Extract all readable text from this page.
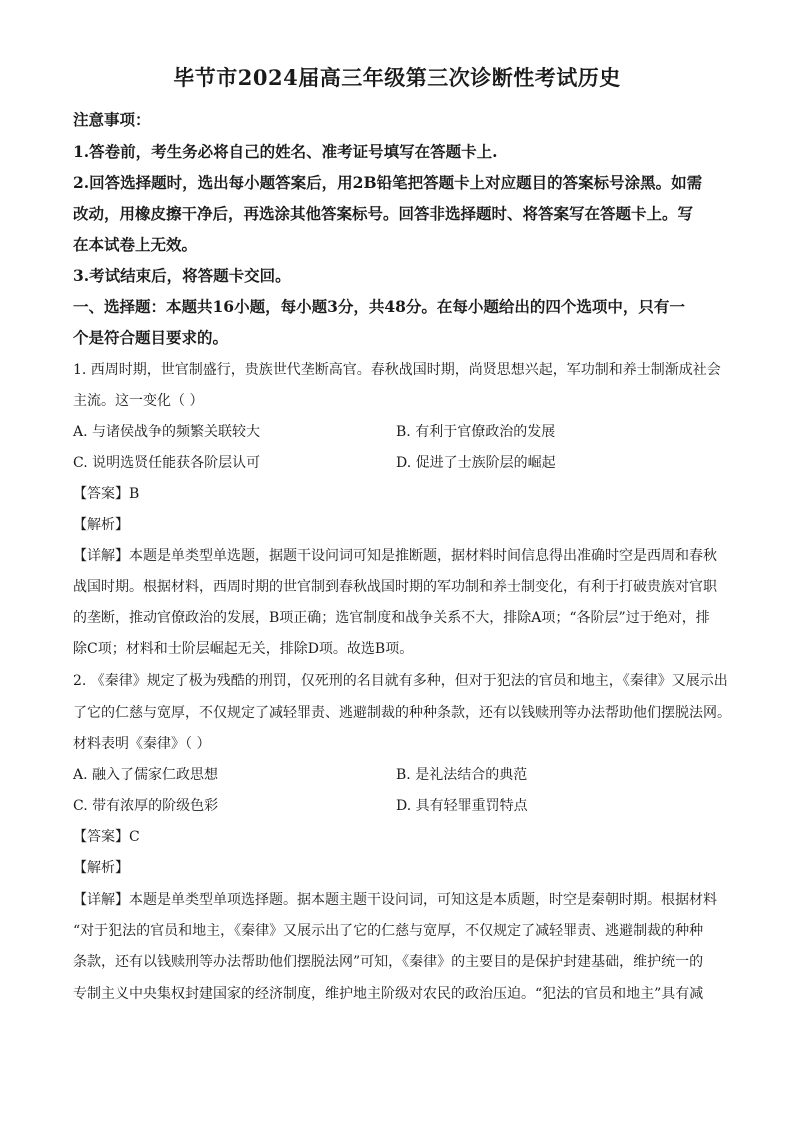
毕节市2024届高三年级第三次诊断性考试历史
注意事项：
1.答卷前，考生务必将自己的姓名、准考证号填写在答题卡上.
2.回答选择题时，选出每小题答案后，用2B铅笔把答题卡上对应题目的答案标号涂黑。如需
改动，用橡皮擦干净后，再选涂其他答案标号。回答非选择题时、将答案写在答题卡上。写
在本试卷上无效。
3.考试结束后，将答题卡交回。
一、选择题：本题共16小题，每小题3分，共48分。在每小题给出的四个选项中，只有一
个是符合题目要求的。
1. 西周时期，世官制盛行，贵族世代垄断高官。春秋战国时期，尚贤思想兴起，军功制和养士制渐成社会
主流。这一变化（ ）
A. 与诸侯战争的频繁关联较大	B. 有利于官僚政治的发展
C. 说明选贤任能获各阶层认可	D. 促进了士族阶层的崛起
【答案】B
【解析】
【详解】本题是单类型单选题，据题干设问词可知是推断题，据材料时间信息得出准确时空是西周和春秋
战国时期。根据材料，西周时期的世官制到春秋战国时期的军功制和养士制变化，有利于打破贵族对官职
的垄断，推动官僚政治的发展，B项正确；选官制度和战争关系不大，排除A项；“各阶层”过于绝对，排
除C项；材料和士阶层崛起无关，排除D项。故选B项。
2. 《秦律》规定了极为残酷的刑罚，仅死刑的名目就有多种，但对于犯法的官员和地主，《秦律》又展示出
了它的仁慈与宽厚，不仅规定了减轻罪责、逃避制裁的种种条款，还有以钱赎刑等办法帮助他们摆脱法网。
材料表明《秦律》（ ）
A. 融入了儒家仁政思想	B. 是礼法结合的典范
C. 带有浓厚的阶级色彩	D. 具有轻罪重罚特点
【答案】C
【解析】
【详解】本题是单类型单项选择题。据本题主题干设问词，可知这是本质题，时空是秦朝时期。根据材料
“对于犯法的官员和地主，《秦律》又展示出了它的仁慈与宽厚，不仅规定了减轻罪责、逃避制裁的种种
条款，还有以钱赎刑等办法帮助他们摆脱法网”可知，《秦律》的主要目的是保护封建基础，维护统一的
专制主义中央集权封建国家的经济制度，维护地主阶级对农民的政治压迫。“犯法的官员和地主”具有减
